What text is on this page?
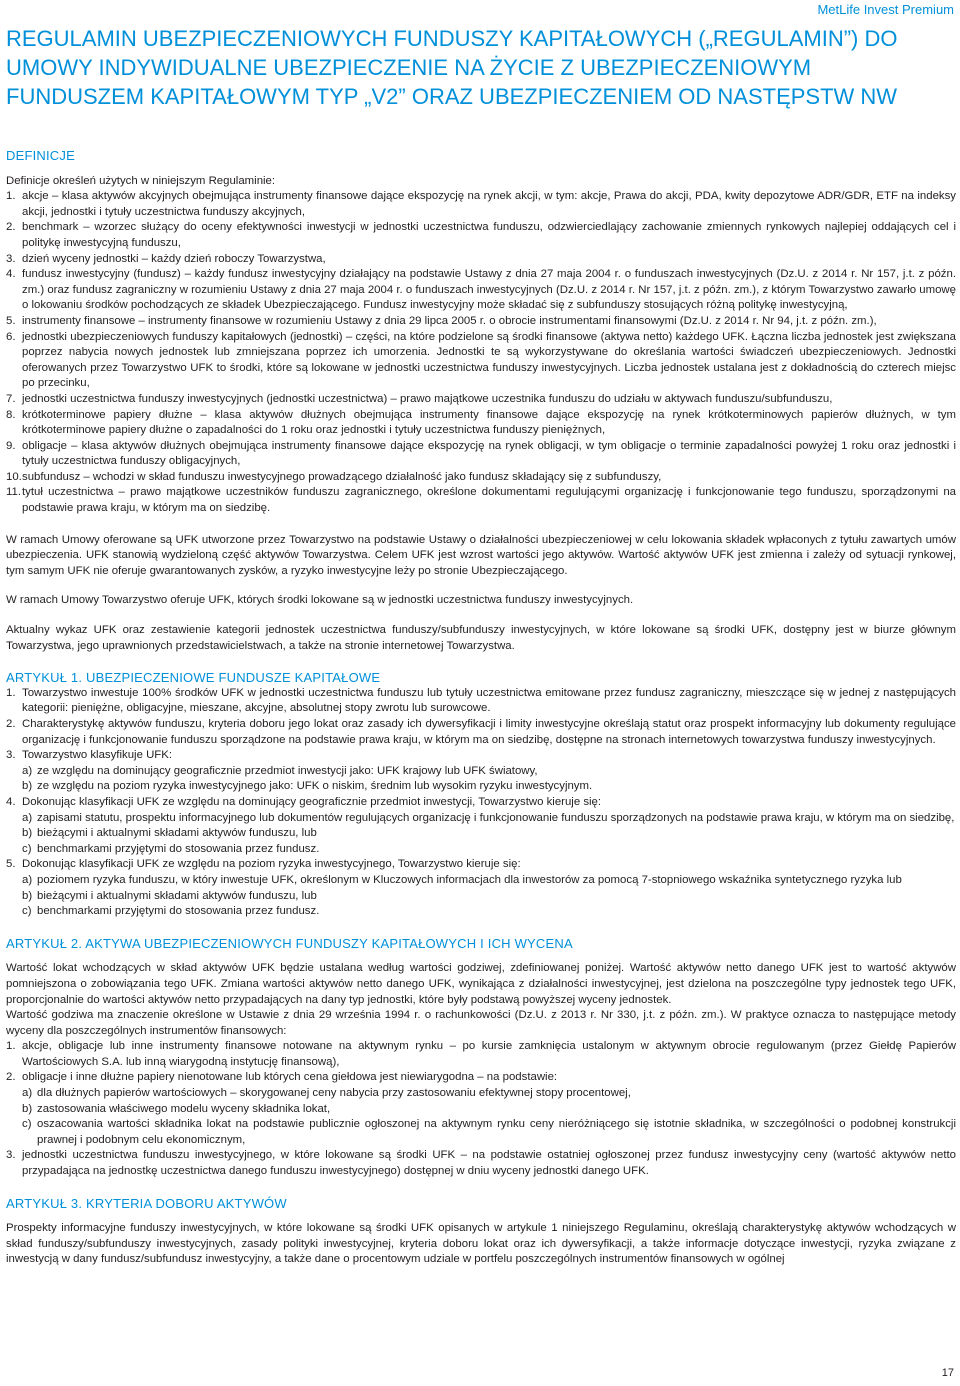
MetLife Invest Premium
REGULAMIN UBEZPIECZENIOWYCH FUNDUSZY KAPITAŁOWYCH („REGULAMIN”) DO UMOWY INDYWIDUALNE UBEZPIECZENIE NA ŻYCIE Z UBEZPIECZENIOWYM FUNDUSZEM KAPITAŁOWYM TYP „V2” ORAZ UBEZPIECZENIEM OD NASTĘPSTW NW
DEFINICJE

Definicje określeń użytych w niniejszym Regulaminie:

1. akcje – klasa aktywów akcyjnych obejmująca instrumenty finansowe dające ekspozycję na rynek akcji, w tym: akcje, Prawa do akcji, PDA, kwity depozytowe ADR/GDR, ETF na indeksy akcji, jednostki i tytuły uczestnictwa funduszy akcyjnych,
2. benchmark – wzorzec służący do oceny efektywności inwestycji w jednostki uczestnictwa funduszu, odzwierciedlający zachowanie zmiennych rynkowych najlepiej oddających cel i politykę inwestycyjną funduszu,
3. dzień wyceny jednostki – każdy dzień roboczy Towarzystwa,
4. fundusz inwestycyjny (fundusz) – każdy fundusz inwestycyjny działający na podstawie Ustawy z dnia 27 maja 2004 r. o funduszach inwestycyjnych (Dz.U. z 2014 r. Nr 157, j.t. z późn. zm.) oraz fundusz zagraniczny w rozumieniu Ustawy z dnia 27 maja 2004 r. o funduszach inwestycyjnych (Dz.U. z 2014 r. Nr 157, j.t. z późn. zm.), z którym Towarzystwo zawarło umowę o lokowaniu środków pochodzących ze składek Ubezpieczającego. Fundusz inwestycyjny może składać się z subfunduszy stosujących różną politykę inwestycyjną,
5. instrumenty finansowe – instrumenty finansowe w rozumieniu Ustawy z dnia 29 lipca 2005 r. o obrocie instrumentami finansowymi (Dz.U. z 2014 r. Nr 94, j.t. z późn. zm.),
6. jednostki ubezpieczeniowych funduszy kapitałowych (jednostki) – części, na które podzielone są środki finansowe (aktywa netto) każdego UFK. Łączna liczba jednostek jest zwiększana poprzez nabycia nowych jednostek lub zmniejszana poprzez ich umorzenia. Jednostki te są wykorzystywane do określania wartości świadczeń ubezpieczeniowych. Jednostki oferowanych przez Towarzystwo UFK to środki, które są lokowane w jednostki uczestnictwa funduszy inwestycyjnych. Liczba jednostek ustalana jest z dokładnością do czterech miejsc po przecinku,
7. jednostki uczestnictwa funduszy inwestycyjnych (jednostki uczestnictwa) – prawo majątkowe uczestnika funduszu do udziału w aktywach funduszu/subfunduszu,
8. krótkoterminowe papiery dłużne – klasa aktywów dłużnych obejmująca instrumenty finansowe dające ekspozycję na rynek krótkoterminowych papierów dłużnych, w tym krótkoterminowe papiery dłużne o zapadalności do 1 roku oraz jednostki i tytuły uczestnictwa funduszy pieniężnych,
9. obligacje – klasa aktywów dłużnych obejmująca instrumenty finansowe dające ekspozycję na rynek obligacji, w tym obligacje o terminie zapadalności powyżej 1 roku oraz jednostki i tytuły uczestnictwa funduszy obligacyjnych,
10. subfundusz – wchodzi w skład funduszu inwestycyjnego prowadzącego działalność jako fundusz składający się z subfunduszy,
11. tytuł uczestnictwa – prawo majątkowe uczestników funduszu zagranicznego, określone dokumentami regulującymi organizację i funkcjonowanie tego funduszu, sporządzonymi na podstawie prawa kraju, w którym ma on siedzibę.

W ramach Umowy oferowane są UFK utworzone przez Towarzystwo na podstawie Ustawy o działalności ubezpieczeniowej w celu lokowania składek wpłaconych z tytułu zawartych umów ubezpieczenia. UFK stanowią wydzieloną część aktywów Towarzystwa. Celem UFK jest wzrost wartości jego aktywów. Wartość aktywów UFK jest zmienna i zależy od sytuacji rynkowej, tym samym UFK nie oferuje gwarantowanych zysków, a ryzyko inwestycyjne leży po stronie Ubezpieczającego.

W ramach Umowy Towarzystwo oferuje UFK, których środki lokowane są w jednostki uczestnictwa funduszy inwestycyjnych.

Aktualny wykaz UFK oraz zestawienie kategorii jednostek uczestnictwa funduszy/subfunduszy inwestycyjnych, w które lokowane są środki UFK, dostępny jest w biurze głównym Towarzystwa, jego uprawnionych przedstawicielstwach, a także na stronie internetowej Towarzystwa.

ARTYKUŁ 1. UBEZPIECZENIOWE FUNDUSZE KAPITAŁOWE
1. Towarzystwo inwestuje 100% środków UFK w jednostki uczestnictwa funduszu lub tytuły uczestnictwa emitowane przez fundusz zagraniczny, mieszczące się w jednej z następujących kategorii: pieniężne, obligacyjne, mieszane, akcyjne, absolutnej stopy zwrotu lub surowcowe.
2. Charakterystykę aktywów funduszu, kryteria doboru jego lokat oraz zasady ich dywersyfikacji i limity inwestycyjne określają statut oraz prospekt informacyjny lub dokumenty regulujące organizację i funkcjonowanie funduszu sporządzone na podstawie prawa kraju, w którym ma on siedzibę, dostępne na stronach internetowych towarzystwa funduszy inwestycyjnych.
3. Towarzystwo klasyfikuje UFK:
a) ze względu na dominujący geograficznie przedmiot inwestycji jako: UFK krajowy lub UFK światowy,
b) ze względu na poziom ryzyka inwestycyjnego jako: UFK o niskim, średnim lub wysokim ryzyku inwestycyjnym.
4. Dokonując klasyfikacji UFK ze względu na dominujący geograficznie przedmiot inwestycji, Towarzystwo kieruje się:
a) zapisami statutu, prospektu informacyjnego lub dokumentów regulujących organizację i funkcjonowanie funduszu sporządzonych na podstawie prawa kraju, w którym ma on siedzibę,
b) bieżącymi i aktualnymi składami aktywów funduszu, lub
c) benchmarkami przyjętymi do stosowania przez fundusz.
5. Dokonując klasyfikacji UFK ze względu na poziom ryzyka inwestycyjnego, Towarzystwo kieruje się:
a) poziomem ryzyka funduszu, w który inwestuje UFK, określonym w Kluczowych informacjach dla inwestorów za pomocą 7-stopniowego wskaźnika syntetycznego ryzyka lub
b) bieżącymi i aktualnymi składami aktywów funduszu, lub
c) benchmarkami przyjętymi do stosowania przez fundusz.
ARTYKUŁ 2. AKTYWA UBEZPIECZENIOWYCH FUNDUSZY KAPITAŁOWYCH I ICH WYCENA

Wartość lokat wchodzących w skład aktywów UFK będzie ustalana według wartości godziwej, zdefiniowanej poniżej. Wartość aktywów netto danego UFK jest to wartość aktywów pomniejszona o zobowiązania tego UFK. Zmiana wartości aktywów netto danego UFK, wynikająca z działalności inwestycyjnej, jest dzielona na poszczególne typy jednostek tego UFK, proporcjonalnie do wartości aktywów netto przypadających na dany typ jednostki, które były podstawą powyższej wyceny jednostek.

Wartość godziwa ma znaczenie określone w Ustawie z dnia 29 września 1994 r. o rachunkowości (Dz.U. z 2013 r. Nr 330, j.t. z późn. zm.). W praktyce oznacza to następujące metody wyceny dla poszczególnych instrumentów finansowych:

1. akcje, obligacje lub inne instrumenty finansowe notowane na aktywnym rynku – po kursie zamknięcia ustalonym w aktywnym obrocie regulowanym (przez Giełdę Papierów Wartościowych S.A. lub inną wiarygodną instytucję finansową),
2. obligacje i inne dłużne papiery nienotowane lub których cena giełdowa jest niewiarygodna – na podstawie:
a) dla dłużnych papierów wartościowych – skorygowanej ceny nabycia przy zastosowaniu efektywnej stopy procentowej,
b) zastosowania właściwego modelu wyceny składnika lokat,
c) oszacowania wartości składnika lokat na podstawie publicznie ogłoszonej na aktywnym rynku ceny nieróżniącego się istotnie składnika, w szczególności o podobnej konstrukcji prawnej i podobnym celu ekonomicznym,
3. jednostki uczestnictwa funduszu inwestycyjnego, w które lokowane są środki UFK – na podstawie ostatniej ogłoszonej przez fundusz inwestycyjny ceny (wartość aktywów netto przypadająca na jednostkę uczestnictwa danego funduszu inwestycyjnego) dostępnej w dniu wyceny jednostki danego UFK.
ARTYKUŁ 3. KRYTERIA DOBORU AKTYWÓW

Prospekty informacyjne funduszy inwestycyjnych, w które lokowane są środki UFK opisanych w artykule 1 niniejszego Regulaminu, określają charakterystykę aktywów wchodzących w skład funduszy/subfunduszy inwestycyjnych, zasady polityki inwestycyjnej, kryteria doboru lokat oraz ich dywersyfikacji, a także informacje dotyczące inwestycji, ryzyka związane z inwestycją w dany fundusz/subfundusz inwestycyjny, a także dane o procentowym udziale w portfelu poszczególnych instrumentów finansowych w ogólnej

17
